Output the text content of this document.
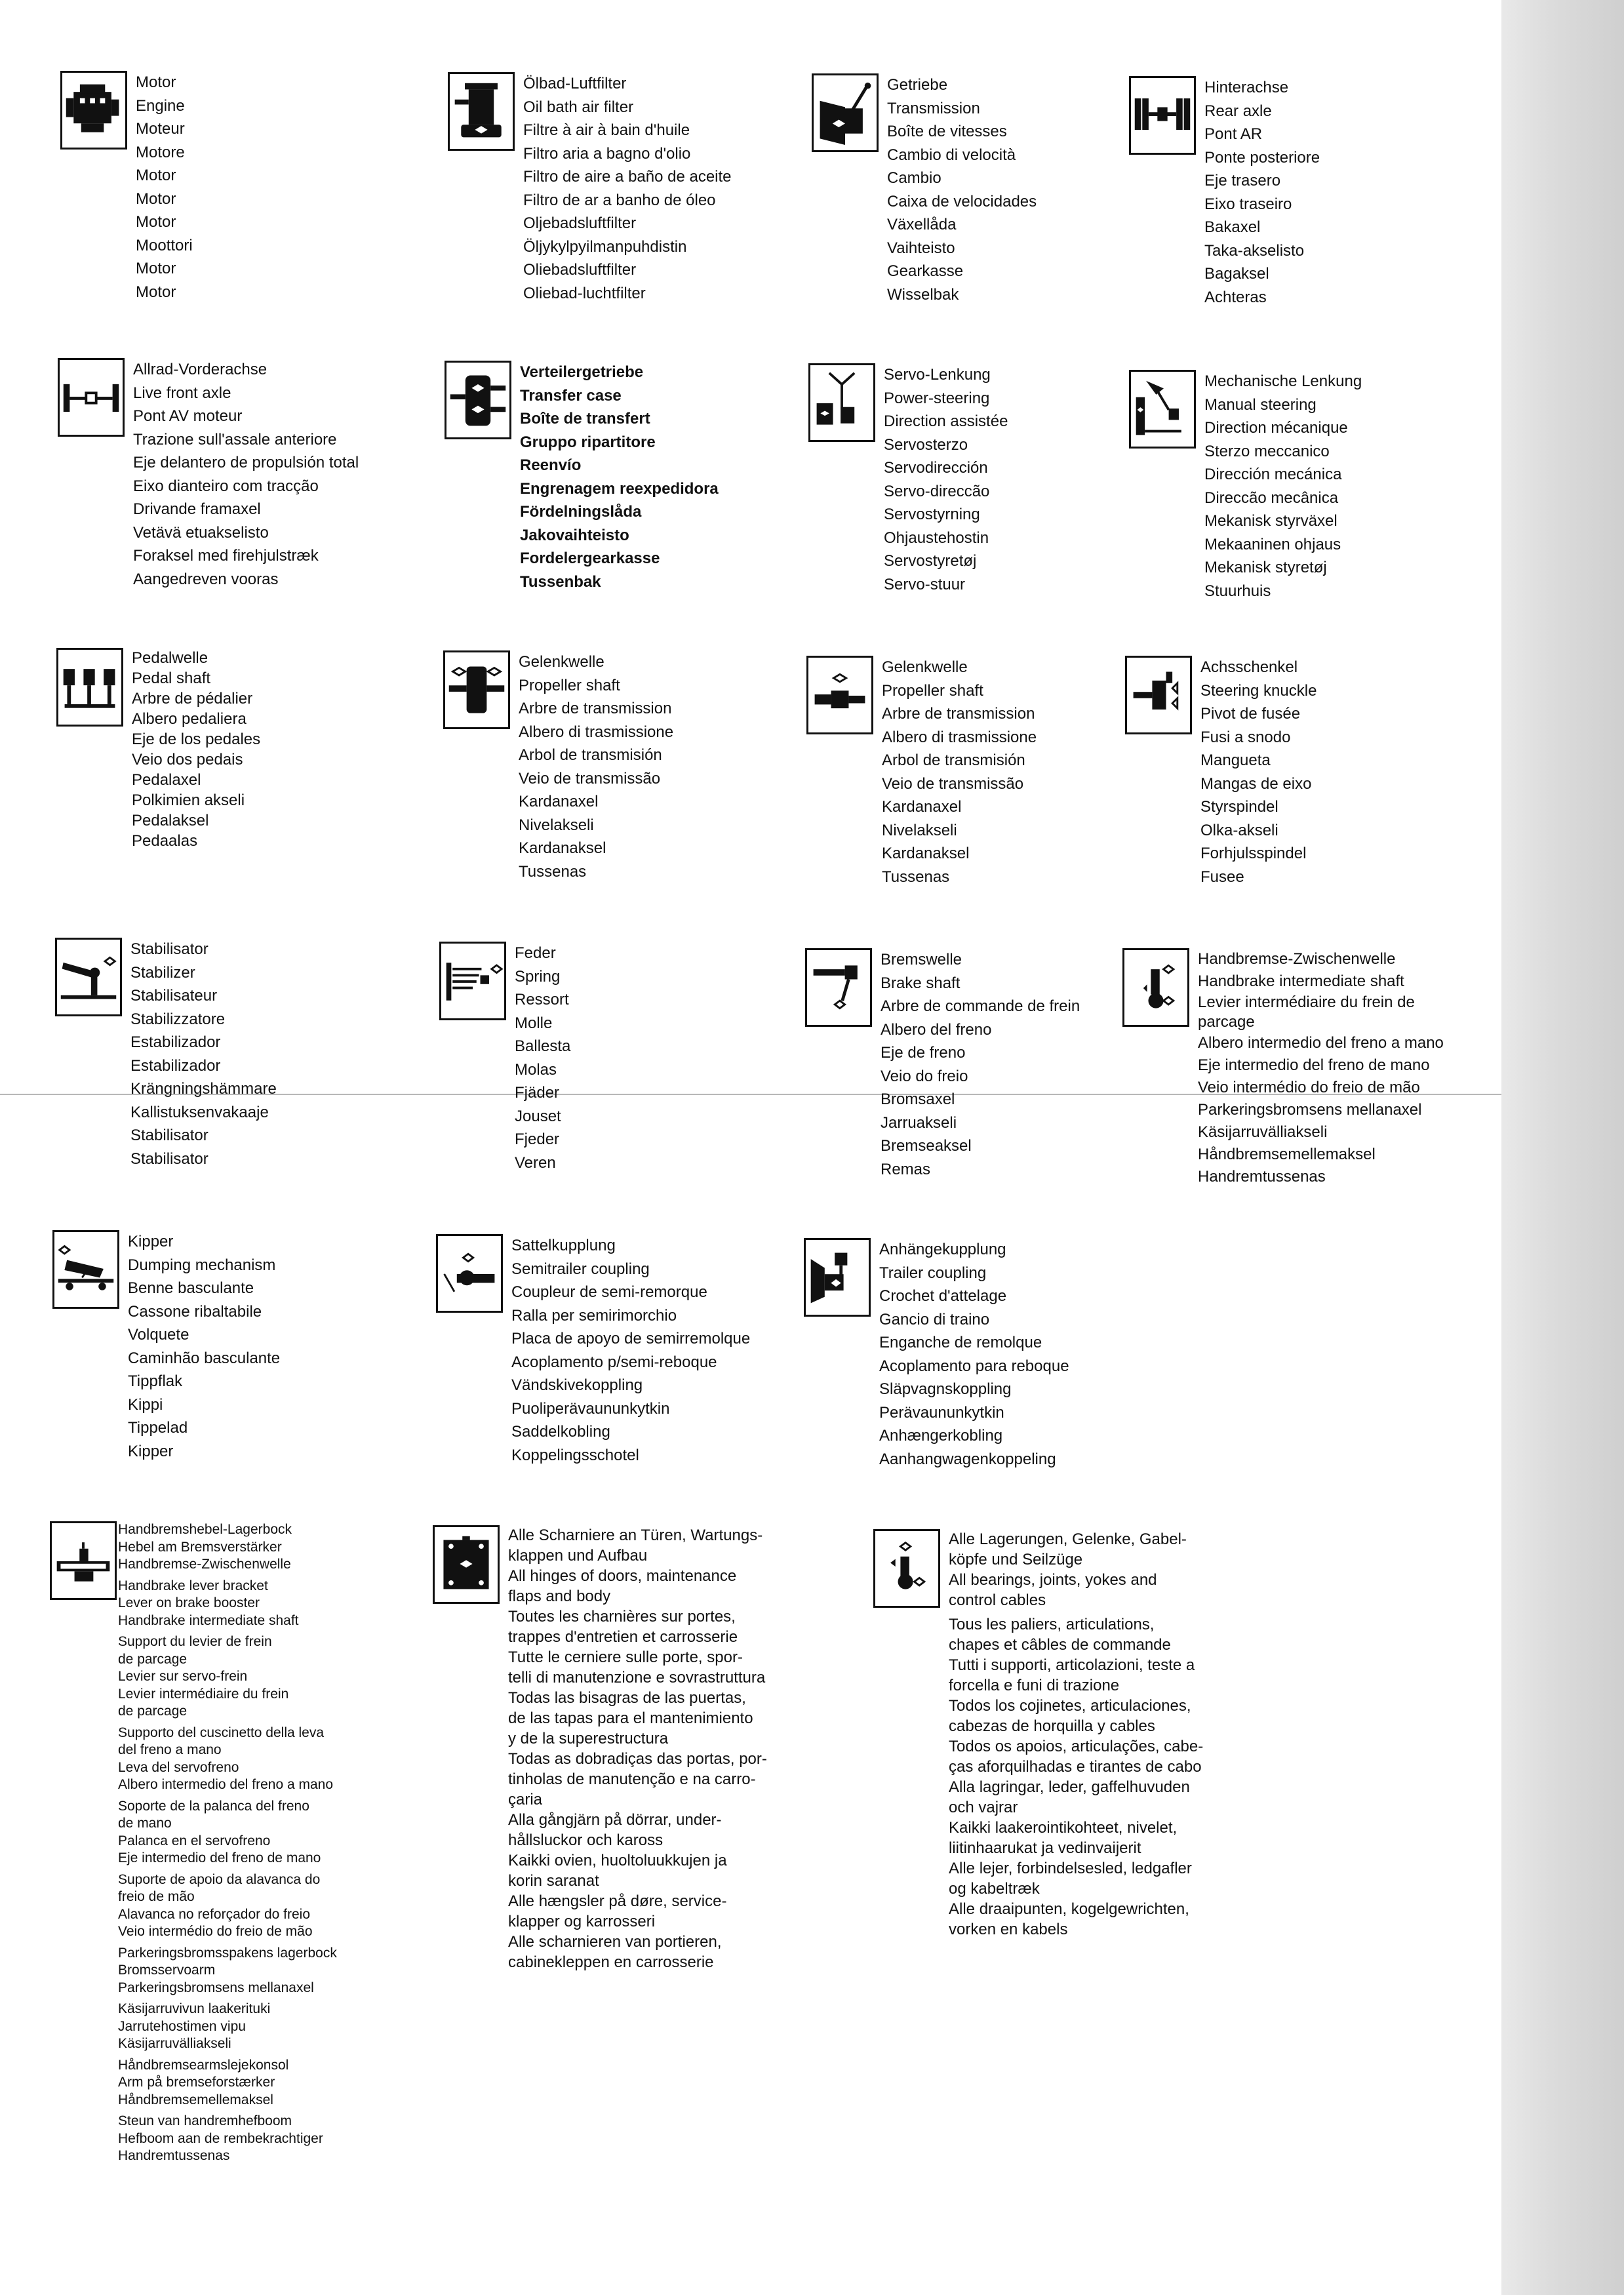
Motor
Engine
Moteur
Motore
Motor
Motor
Motor
Moottori
Motor
Motor
Ölbad-Luftfilter
Oil bath air filter
Filtre à air à bain d'huile
Filtro aria a bagno d'olio
Filtro de aire a baño de aceite
Filtro de ar a banho de óleo
Oljebadsluftfilter
Öljykylpyilmanpuhdistin
Oliebadsluftfilter
Oliebad-luchtfilter
Getriebe
Transmission
Boîte de vitesses
Cambio di velocità
Cambio
Caixa de velocidades
Växellåda
Vaihteisto
Gearkasse
Wisselbak
Hinterachse
Rear axle
Pont AR
Ponte posteriore
Eje trasero
Eixo traseiro
Bakaxel
Taka-akselisto
Bagaksel
Achteras
Allrad-Vorderachse
Live front axle
Pont AV moteur
Trazione sull'assale anteriore
Eje delantero de propulsión total
Eixo dianteiro com tracção
Drivande framaxel
Vetävä etuakselisto
Foraksel med firehjulstræk
Aangedreven vooras
Verteilergetriebe
Transfer case
Boîte de transfert
Gruppo ripartitore
Reenvío
Engrenagem reexpedidora
Fördelningslåda
Jakovaihteisto
Fordelergearkasse
Tussenbak
Servo-Lenkung
Power-steering
Direction assistée
Servosterzo
Servodirección
Servo-direccão
Servostyrning
Ohjaustehostin
Servostyretøj
Servo-stuur
Mechanische Lenkung
Manual steering
Direction mécanique
Sterzo meccanico
Dirección mecánica
Direccão mecânica
Mekanisk styrväxel
Mekaaninen ohjaus
Mekanisk styretøj
Stuurhuis
Pedalwelle
Pedal shaft
Arbre de pédalier
Albero pedaliera
Eje de los pedales
Veio dos pedais
Pedalaxel
Polkimien akseli
Pedalaksel
Pedaalas
Gelenkwelle
Propeller shaft
Arbre de transmission
Albero di trasmissione
Arbol de transmisión
Veio de transmissão
Kardanaxel
Nivelakseli
Kardanaksel
Tussenas
Gelenkwelle
Propeller shaft
Arbre de transmission
Albero di trasmissione
Arbol de transmisión
Veio de transmissão
Kardanaxel
Nivelakseli
Kardanaksel
Tussenas
Achsschenkel
Steering knuckle
Pivot de fusée
Fusi a snodo
Mangueta
Mangas de eixo
Styrspindel
Olka-akseli
Forhjulsspindel
Fusee
Stabilisator
Stabilizer
Stabilisateur
Stabilizzatore
Estabilizador
Estabilizador
Krängningshämmare
Kallistuksenvakaaje
Stabilisator
Stabilisator
Feder
Spring
Ressort
Molle
Ballesta
Molas
Fjäder
Jouset
Fjeder
Veren
Bremswelle
Brake shaft
Arbre de commande de frein
Albero del freno
Eje de freno
Veio do freio
Bromsaxel
Jarruakseli
Bremseaksel
Remas
Handbremse-Zwischenwelle
Handbrake intermediate shaft
Levier intermédiaire du frein de
parcage
Albero intermedio del freno a mano
Eje intermedio del freno de mano
Veio intermédio do freio de mão
Parkeringsbromsens mellanaxel
Käsijarruvälliakseli
Håndbremsemellemaksel
Handremtussenas
Kipper
Dumping mechanism
Benne basculante
Cassone ribaltabile
Volquete
Caminhão basculante
Tippflak
Kippi
Tippelad
Kipper
Sattelkupplung
Semitrailer coupling
Coupleur de semi-remorque
Ralla per semirimorchio
Placa de apoyo de semirremolque
Acoplamento p/semi-reboque
Vändskivekoppling
Puoliperävaununkytkin
Saddelkobling
Koppelingsschotel
Anhängekupplung
Trailer coupling
Crochet d'attelage
Gancio di traino
Enganche de remolque
Acoplamento para reboque
Släpvagnskoppling
Perävaununkytkin
Anhængerkobling
Aanhangwagenkoppeling
Handbremshebel-Lagerbock
Hebel am Bremsverstärker
Handbremse-Zwischenwelle
Handbrake lever bracket
Lever on brake booster
Handbrake intermediate shaft
Support du levier de frein
de parcage
Levier sur servo-frein
Levier intermédiaire du frein
de parcage
Supporto del cuscinetto della leva
del freno a mano
Leva del servofreno
Albero intermedio del freno a mano
Soporte de la palanca del freno
de mano
Palanca en el servofreno
Eje intermedio del freno de mano
Suporte de apoio da alavanca do
freio de mão
Alavanca no reforçador do freio
Veio intermédio do freio de mão
Parkeringsbromsspakens lagerbock
Bromsservoarm
Parkeringsbromsens mellanaxel
Käsijarruvivun laakerituki
Jarrutehostimen vipu
Käsijarruvälliakseli
Håndbremsearmslejekonsol
Arm på bremseforstærker
Håndbremsemellemaksel
Steun van handremhefboom
Hefboom aan de rembekrachtiger
Handremtussenas
Alle Scharniere an Türen, Wartungs-
klappen und Aufbau
All hinges of doors, maintenance
flaps and body
Toutes les charnières sur portes,
trappes d'entretien et carrosserie
Tutte le cerniere sulle porte, spor-
telli di manutenzione e sovrastruttura
Todas las bisagras de las puertas,
de las tapas para el mantenimiento
y de la superestructura
Todas as dobradiças das portas, por-
tinholas de manutenção e na carro-
çaria
Alla gångjärn på dörrar, under-
hållsluckor och kaross
Kaikki ovien, huoltoluukkujen ja
korin saranat
Alle hængsler på døre, service-
klapper og karrosseri
Alle scharnieren van portieren,
cabinekleppen en carrosserie
Alle Lagerungen, Gelenke, Gabel-
köpfe und Seilzüge
All bearings, joints, yokes and
control cables
Tous les paliers, articulations,
chapes et câbles de commande
Tutti i supporti, articolazioni, teste a
forcella e funi di trazione
Todos los cojinetes, articulaciones,
cabezas de horquilla y cables
Todos os apoios, articulações, cabe-
ças aforquilhadas e tirantes de cabo
Alla lagringar, leder, gaffelhuvuden
och vajrar
Kaikki laakerointikohteet, nivelet,
liitinhaarukat ja vedinvaijerit
Alle lejer, forbindelsesled, ledgafler
og kabeltræk
Alle draaipunten, kogelgewrichten,
vorken en kabels
